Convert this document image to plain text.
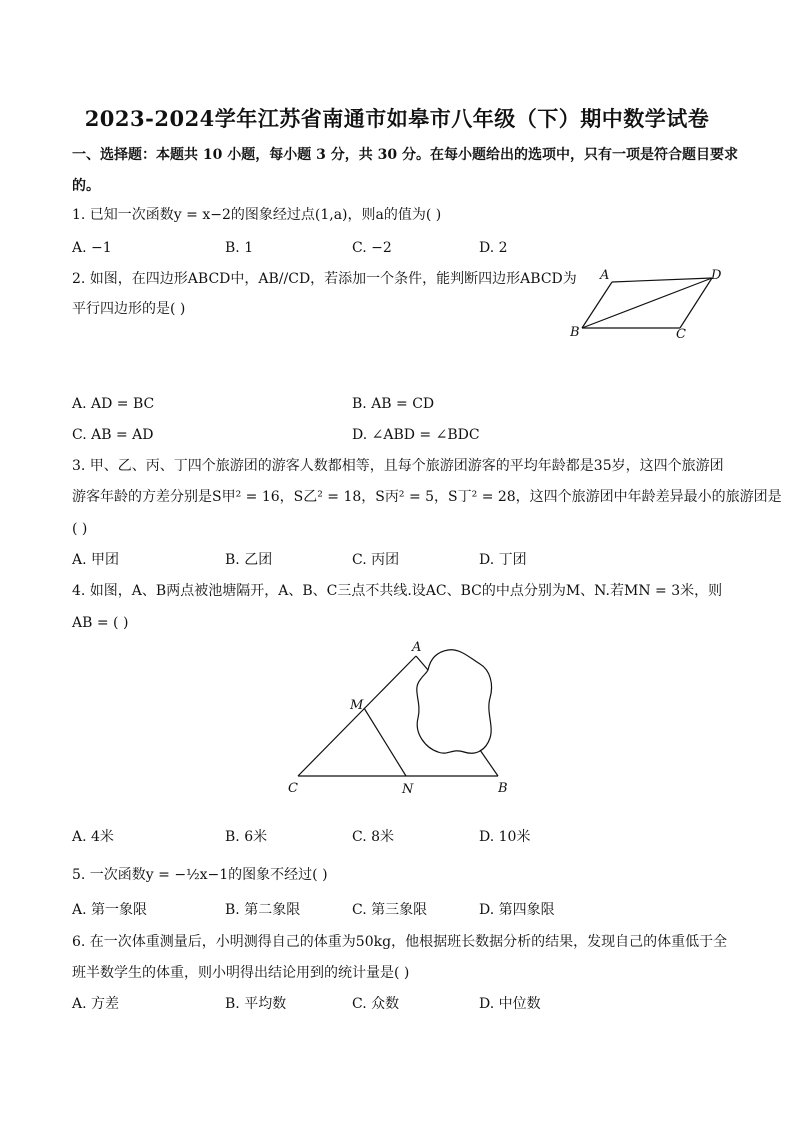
2023-2024学年江苏省南通市如皋市八年级（下）期中数学试卷
一、选择题：本题共 10 小题，每小题 3 分，共 30 分。在每小题给出的选项中，只有一项是符合题目要求
的。
1. 已知一次函数y = x−2的图象经过点(1,a)，则a的值为( )
A. −1	B. 1	C. −2	D. 2
2. 如图，在四边形ABCD中，AB//CD，若添加一个条件，能判断四边形ABCD为
平行四边形的是( )
A	D
B	C
A. AD = BC	B. AB = CD
C. AB = AD	D. ∠ABD = ∠BDC
3. 甲、乙、丙、丁四个旅游团的游客人数都相等，且每个旅游团游客的平均年龄都是35岁，这四个旅游团
游客年龄的方差分别是S甲² = 16，S乙² = 18，S丙² = 5，S丁² = 28，这四个旅游团中年龄差异最小的旅游团是
( )
A. 甲团	B. 乙团	C. 丙团	D. 丁团
4. 如图，A、B两点被池塘隔开，A、B、C三点不共线.设AC、BC的中点分别为M、N.若MN = 3米，则
AB = ( )
A
M
C	N	B
A. 4米	B. 6米	C. 8米	D. 10米
5. 一次函数y = −½x−1的图象不经过( )
A. 第一象限	B. 第二象限	C. 第三象限	D. 第四象限
6. 在一次体重测量后，小明测得自己的体重为50kg，他根据班长数据分析的结果，发现自己的体重低于全
班半数学生的体重，则小明得出结论用到的统计量是( )
A. 方差	B. 平均数	C. 众数	D. 中位数
